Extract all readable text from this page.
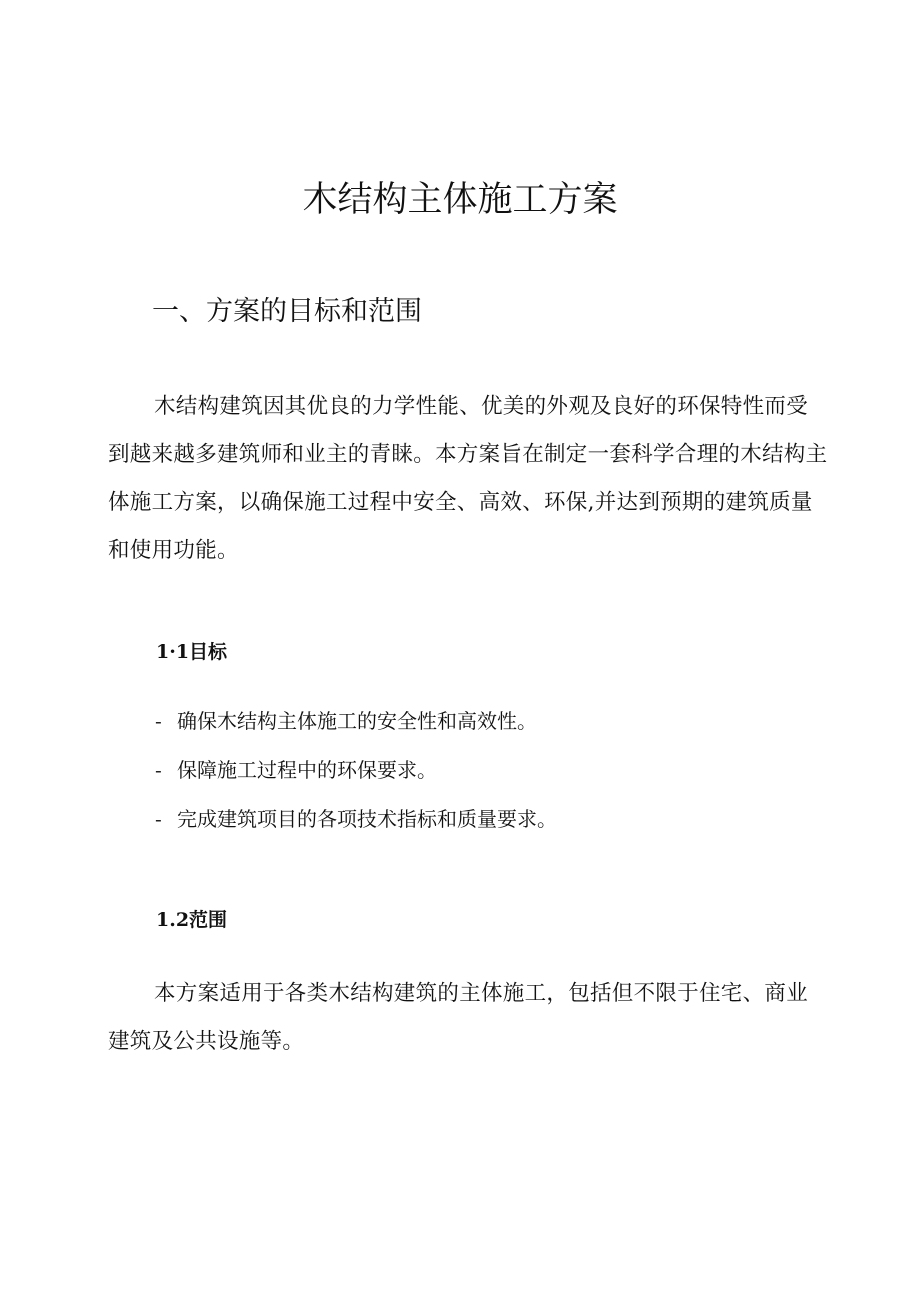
木结构主体施工方案
一、方案的目标和范围

木结构建筑因其优良的力学性能、优美的外观及良好的环保特性而受到越来越多建筑师和业主的青睐。本方案旨在制定一套科学合理的木结构主体施工方案，以确保施工过程中安全、高效、环保,并达到预期的建筑质量和使用功能。

1·1目标
- 确保木结构主体施工的安全性和高效性。
- 保障施工过程中的环保要求。
- 完成建筑项目的各项技术指标和质量要求。
1.2范围

本方案适用于各类木结构建筑的主体施工，包括但不限于住宅、商业建筑及公共设施等。
